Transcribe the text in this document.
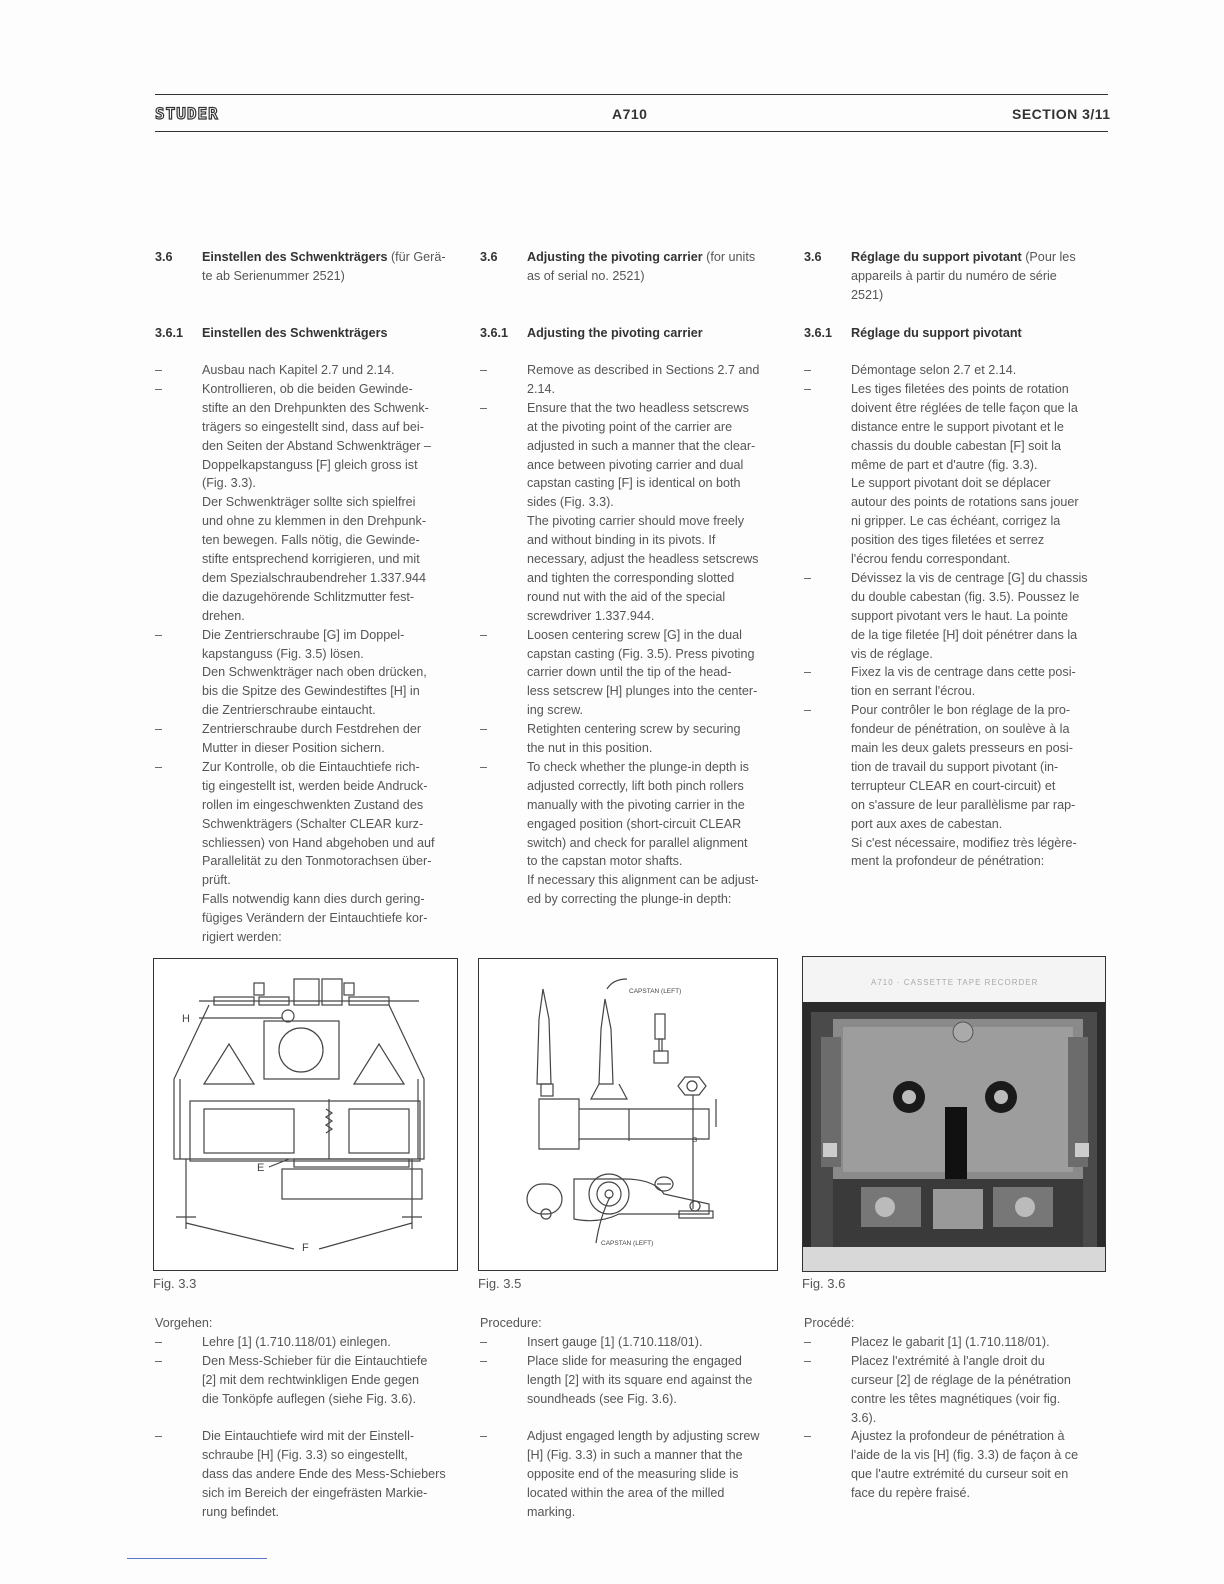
STUDER	A710	SECTION 3/11
3.6 Einstellen des Schwenkträgers (für Gerä-
te ab Serienummer 2521)
3.6.1 Einstellen des Schwenkträgers
–	Ausbau nach Kapitel 2.7 und 2.14.
–	Kontrollieren, ob die beiden Gewinde-
stifte an den Drehpunkten des Schwenk-
trägers so eingestellt sind, dass auf bei-
den Seiten der Abstand Schwenkträger –
Doppelkapstanguss [F] gleich gross ist
(Fig. 3.3).
Der Schwenkträger sollte sich spielfrei
und ohne zu klemmen in den Drehpunk-
ten bewegen. Falls nötig, die Gewinde-
stifte entsprechend korrigieren, und mit
dem Spezialschraubendreher 1.337.944
die dazugehörende Schlitzmutter fest-
drehen.
–	Die Zentrierschraube [G] im Doppel-
kapstanguss (Fig. 3.5) lösen.
Den Schwenkträger nach oben drücken,
bis die Spitze des Gewindestiftes [H] in
die Zentrierschraube eintaucht.
–	Zentrierschraube durch Festdrehen der
Mutter in dieser Position sichern.
–	Zur Kontrolle, ob die Eintauchtiefe rich-
tig eingestellt ist, werden beide Andruck-
rollen im eingeschwenkten Zustand des
Schwenkträgers (Schalter CLEAR kurz-
schliessen) von Hand abgehoben und auf
Parallelität zu den Tonmotorachsen über-
prüft.
Falls notwendig kann dies durch gering-
fügiges Verändern der Eintauchtiefe kor-
rigiert werden:
Vorgehen:
–	Lehre [1] (1.710.118/01) einlegen.
–	Den Mess-Schieber für die Eintauchtiefe
[2] mit dem rechtwinkligen Ende gegen
die Tonköpfe auflegen (siehe Fig. 3.6).
–	Die Eintauchtiefe wird mit der Einstell-
schraube [H] (Fig. 3.3) so eingestellt,
dass das andere Ende des Mess-Schiebers
sich im Bereich der eingefrästen Markie-
rung befindet.
3.6 Adjusting the pivoting carrier (for units
as of serial no. 2521)
3.6.1 Adjusting the pivoting carrier
–	Remove as described in Sections 2.7 and
2.14.
–	Ensure that the two headless setscrews
at the pivoting point of the carrier are
adjusted in such a manner that the clear-
ance between pivoting carrier and dual
capstan casting [F] is identical on both
sides (Fig. 3.3).
The pivoting carrier should move freely
and without binding in its pivots. If
necessary, adjust the headless setscrews
and tighten the corresponding slotted
round nut with the aid of the special
screwdriver 1.337.944.
–	Loosen centering screw [G] in the dual
capstan casting (Fig. 3.5). Press pivoting
carrier down until the tip of the head-
less setscrew [H] plunges into the center-
ing screw.
–	Retighten centering screw by securing
the nut in this position.
–	To check whether the plunge-in depth is
adjusted correctly, lift both pinch rollers
manually with the pivoting carrier in the
engaged position (short-circuit CLEAR
switch) and check for parallel alignment
to the capstan motor shafts.
If necessary this alignment can be adjust-
ed by correcting the plunge-in depth:
Procedure:
–	Insert gauge [1] (1.710.118/01).
–	Place slide for measuring the engaged
length [2] with its square end against the
soundheads (see Fig. 3.6).
–	Adjust engaged length by adjusting screw
[H] (Fig. 3.3) in such a manner that the
opposite end of the measuring slide is
located within the area of the milled
marking.
3.6 Réglage du support pivotant (Pour les
appareils à partir du numéro de série
2521)
3.6.1 Réglage du support pivotant
–	Démontage selon 2.7 et 2.14.
–	Les tiges filetées des points de rotation
doivent être réglées de telle façon que la
distance entre le support pivotant et le
chassis du double cabestan [F] soit la
même de part et d'autre (fig. 3.3).
Le support pivotant doit se déplacer
autour des points de rotations sans jouer
ni gripper. Le cas échéant, corrigez la
position des tiges filetées et serrez
l'écrou fendu correspondant.
–	Dévissez la vis de centrage [G] du chassis
du double cabestan (fig. 3.5). Poussez le
support pivotant vers le haut. La pointe
de la tige filetée [H] doit pénétrer dans la
vis de réglage.
–	Fixez la vis de centrage dans cette posi-
tion en serrant l'écrou.
–	Pour contrôler le bon réglage de la pro-
fondeur de pénétration, on soulève à la
main les deux galets presseurs en posi-
tion de travail du support pivotant (in-
terrupteur CLEAR en court-circuit) et
on s'assure de leur parallèlisme par rap-
port aux axes de cabestan.
Si c'est nécessaire, modifiez très légère-
ment la profondeur de pénétration:
Procédé:
–	Placez le gabarit [1] (1.710.118/01).
–	Placez l'extrémité à l'angle droit du
curseur [2] de réglage de la pénétration
contre les têtes magnétiques (voir fig.
3.6).
–	Ajustez la profondeur de pénétration à
l'aide de la vis [H] (fig. 3.3) de façon à ce
que l'autre extrémité du curseur soit en
face du repère fraisé.
H
E
F
Fig. 3.3
CAPSTAN (LEFT)
G
CAPSTAN (LEFT)
Fig. 3.5
A710 · CASSETTE TAPE RECORDER
Fig. 3.6
